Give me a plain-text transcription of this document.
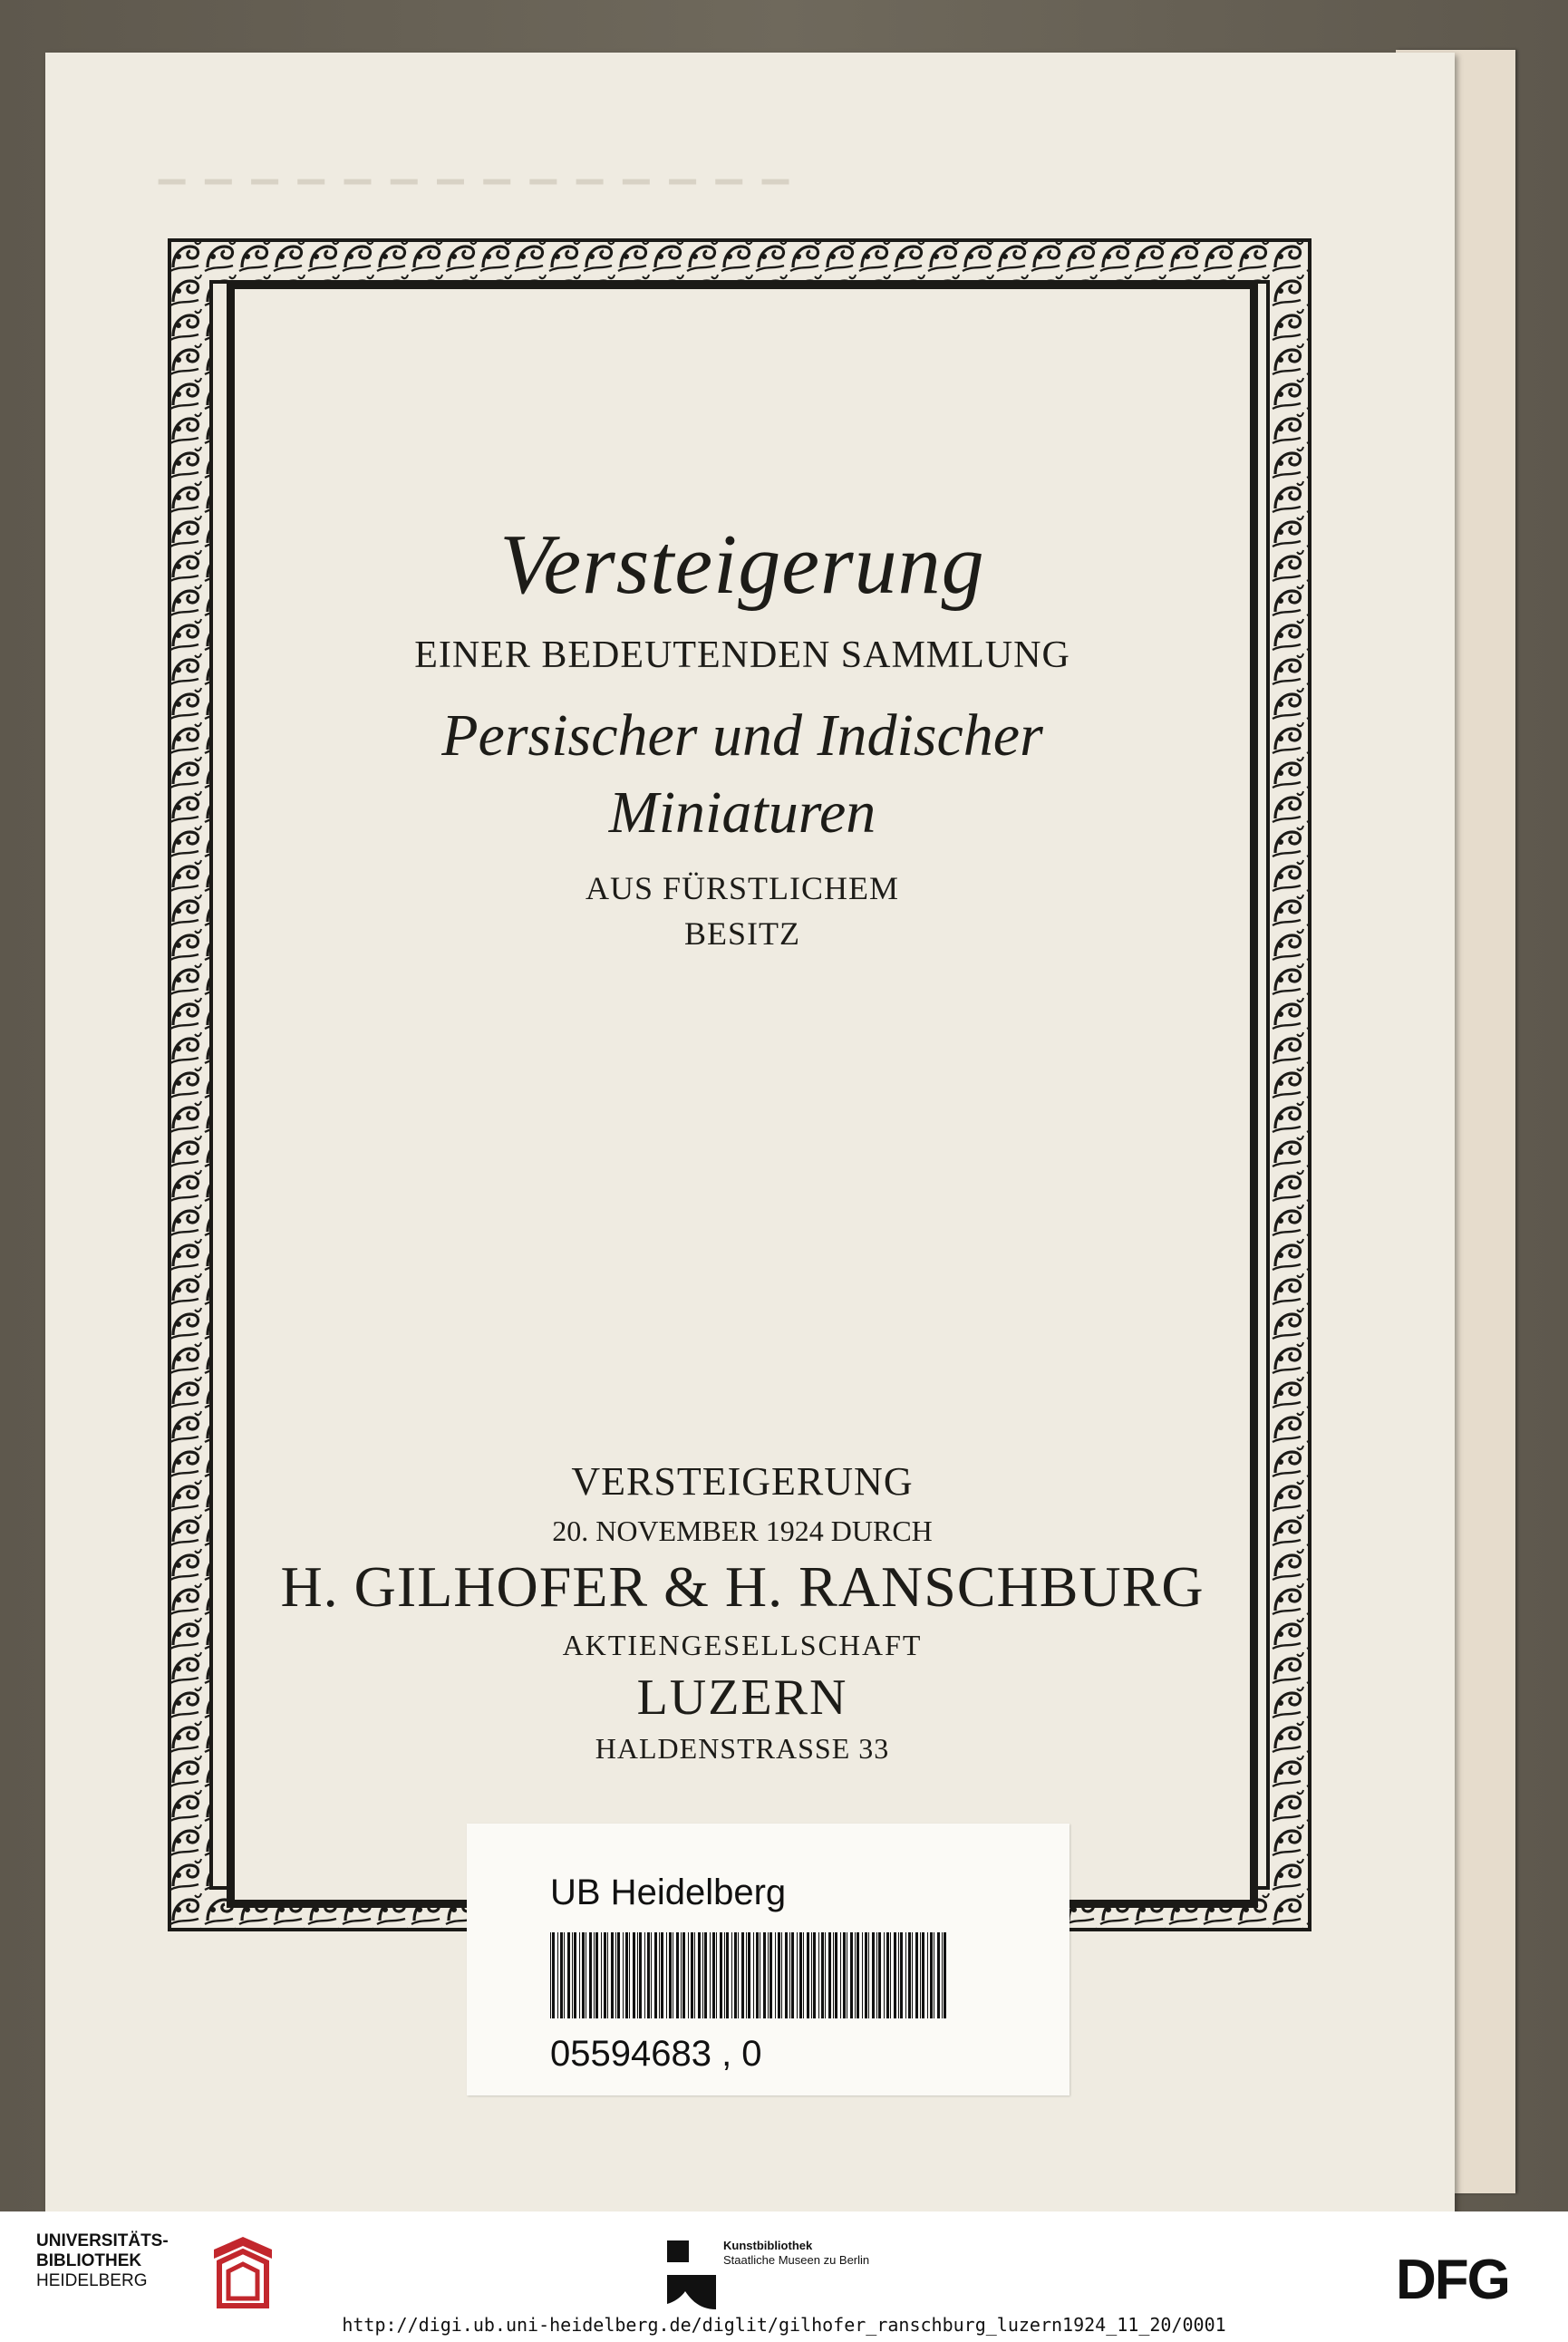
▔▔▔▔▔▔▔▔▔▔▔▔▔▔

Versteigerung

EINER BEDEUTENDEN SAMMLUNG

Persischer und Indischer

Miniaturen

AUS FÜRSTLICHEM

BESITZ

VERSTEIGERUNG

20. NOVEMBER 1924 DURCH

H. GILHOFER & H. RANSCHBURG

AKTIENGESELLSCHAFT

LUZERN

HALDENSTRASSE 33

UB Heidelberg
05594683 , 0
UNIVERSITÄTS-
BIBLIOTHEK
HEIDELBERG
Kunstbibliothek
Staatliche Museen zu Berlin	DFG
http://digi.ub.uni-heidelberg.de/diglit/gilhofer_ranschburg_luzern1924_11_20/0001
